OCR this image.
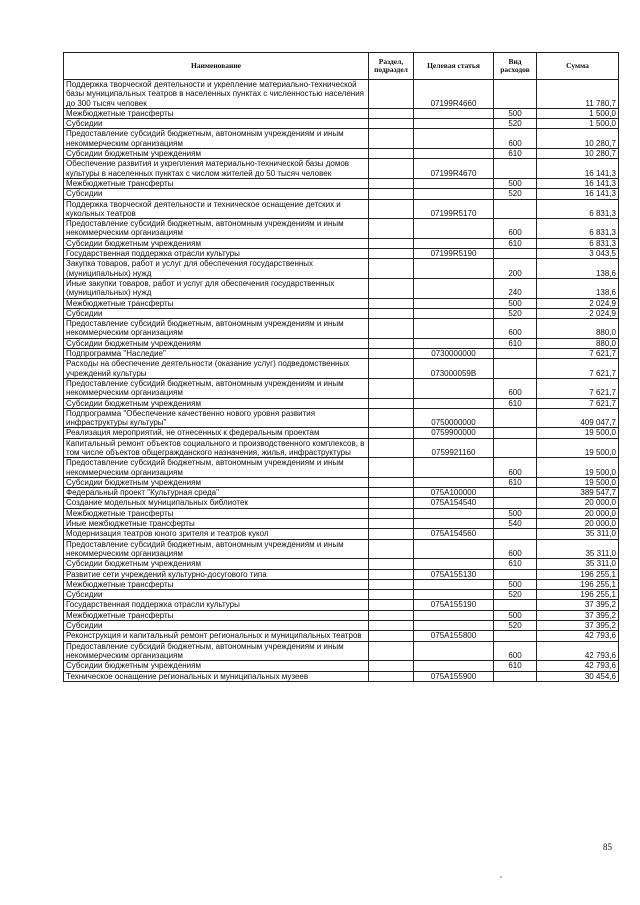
Наименование	Раздел, подраздел	Целевая статья	Вид расходов	Сумма
Поддержка творческой деятельности и укрепление материально-технической базы муниципальных театров в населенных пунктах с численностью населения до 300 тысяч человек		07199R4660		11 780,7
Межбюджетные трансферты			500	1 500,0
Субсидии			520	1 500,0
Предоставление субсидий бюджетным, автономным учреждениям и иным некоммерческим организациям			600	10 280,7
Субсидии бюджетным учреждениям			610	10 280,7
Обеспечение развития и укрепления материально-технической базы домов культуры в населенных пунктах с числом жителей до 50 тысяч человек		07199R4670		16 141,3
Межбюджетные трансферты			500	16 141,3
Субсидии			520	16 141,3
Поддержка творческой деятельности и техническое оснащение детских и кукольных театров		07199R5170		6 831,3
Предоставление субсидий бюджетным, автономным учреждениям и иным некоммерческим организациям			600	6 831,3
Субсидии бюджетным учреждениям			610	6 831,3
Государственная поддержка отрасли культуры		07199R5190		3 043,5
Закупка товаров, работ и услуг для обеспечения государственных (муниципальных) нужд			200	138,6
Иные закупки товаров, работ и услуг для обеспечения государственных (муниципальных) нужд			240	138,6
Межбюджетные трансферты			500	2 024,9
Субсидии			520	2 024,9
Предоставление субсидий бюджетным, автономным учреждениям и иным некоммерческим организациям			600	880,0
Субсидии бюджетным учреждениям			610	880,0
Подпрограмма "Наследие"		0730000000		7 621,7
Расходы на обеспечение деятельности (оказание услуг) подведомственных учреждений культуры		073000059В		7 621,7
Предоставление субсидий бюджетным, автономным учреждениям и иным некоммерческим организациям			600	7 621,7
Субсидии бюджетным учреждениям			610	7 621,7
Подпрограмма "Обеспечение качественно нового уровня развития инфраструктуры культуры"		0750000000		409 047,7
Реализация мероприятий, не отнесенных к федеральным проектам		0759900000		19 500,0
Капитальный ремонт объектов социального и производственного комплексов, в том числе объектов общегражданского назначения, жилья, инфраструктуры		0759921160		19 500,0
Предоставление субсидий бюджетным, автономным учреждениям и иным некоммерческим организациям			600	19 500,0
Субсидии бюджетным учреждениям			610	19 500,0
Федеральный проект "Культурная среда"		075A100000		389 547,7
Создание модельных муниципальных библиотек		075A154540		20 000,0
Межбюджетные трансферты			500	20 000,0
Иные межбюджетные трансферты			540	20 000,0
Модернизация театров юного зрителя и театров кукол		075A154560		35 311,0
Предоставление субсидий бюджетным, автономным учреждениям и иным некоммерческим организациям			600	35 311,0
Субсидии бюджетным учреждениям			610	35 311,0
Развитие сети учреждений культурно-досугового типа		075A155130		196 255,1
Межбюджетные трансферты			500	196 255,1
Субсидии			520	196 255,1
Государственная поддержка отрасли культуры		075A155190		37 395,2
Межбюджетные трансферты			500	37 395,2
Субсидии			520	37 395,2
Реконструкция и капитальный ремонт региональных и муниципальных театров		075A155800		42 793,6
Предоставление субсидий бюджетным, автономным учреждениям и иным некоммерческим организациям			600	42 793,6
Субсидии бюджетным учреждениям			610	42 793,6
Техническое оснащение региональных и муниципальных музеев		075A155900		30 454,6
85
